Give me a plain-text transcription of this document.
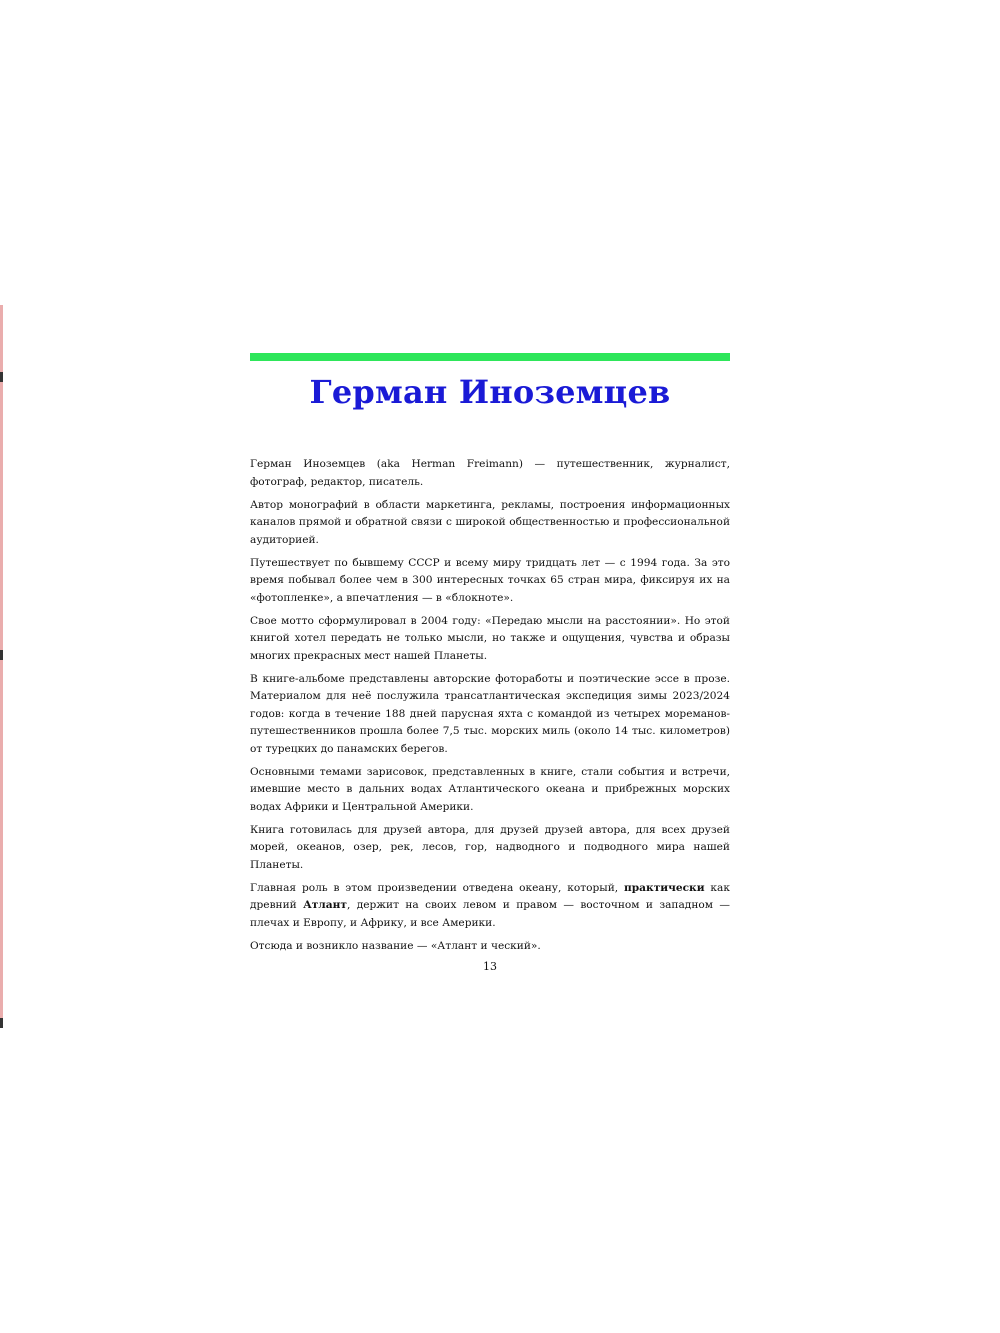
Герман Иноземцев

Герман Иноземцев (aka Herman Freimann) — путешественник, журналист, фотограф, редактор, писатель.

Автор монографий в области маркетинга, рекламы, построения информационных каналов прямой и обратной связи с широкой общественностью и профессиональной аудиторией.

Путешествует по бывшему СССР и всему миру тридцать лет — с 1994 года. За это время побывал более чем в 300 интересных точках 65 стран мира, фиксируя их на «фотопленке», а впечатления — в «блокноте».

Свое мотто сформулировал в 2004 году: «Передаю мысли на расстоянии». Но этой книгой хотел передать не только мысли, но также и ощущения, чувства и образы многих прекрасных мест нашей Планеты.

В книге-альбоме представлены авторские фотоработы и поэтические эссе в прозе. Материалом для неё послужила трансатлантическая экспедиция зимы 2023/2024 годов: когда в течение 188 дней парусная яхта с командой из четырех мореманов-путешественников прошла более 7,5 тыс. морских миль (около 14 тыс. километров) от турецких до панамских берегов.

Основными темами зарисовок, представленных в книге, стали события и встречи, имевшие место в дальних водах Атлантического океана и прибрежных морских водах Африки и Центральной Америки.

Книга готовилась для друзей автора, для друзей друзей автора, для всех друзей морей, океанов, озер, рек, лесов, гор, надводного и подводного мира нашей Планеты.

Главная роль в этом произведении отведена океану, который, практически как древний Атлант, держит на своих левом и правом — восточном и западном — плечах и Европу, и Африку, и все Америки.

Отсюда и возникло название — «Атлант и ческий».

13
